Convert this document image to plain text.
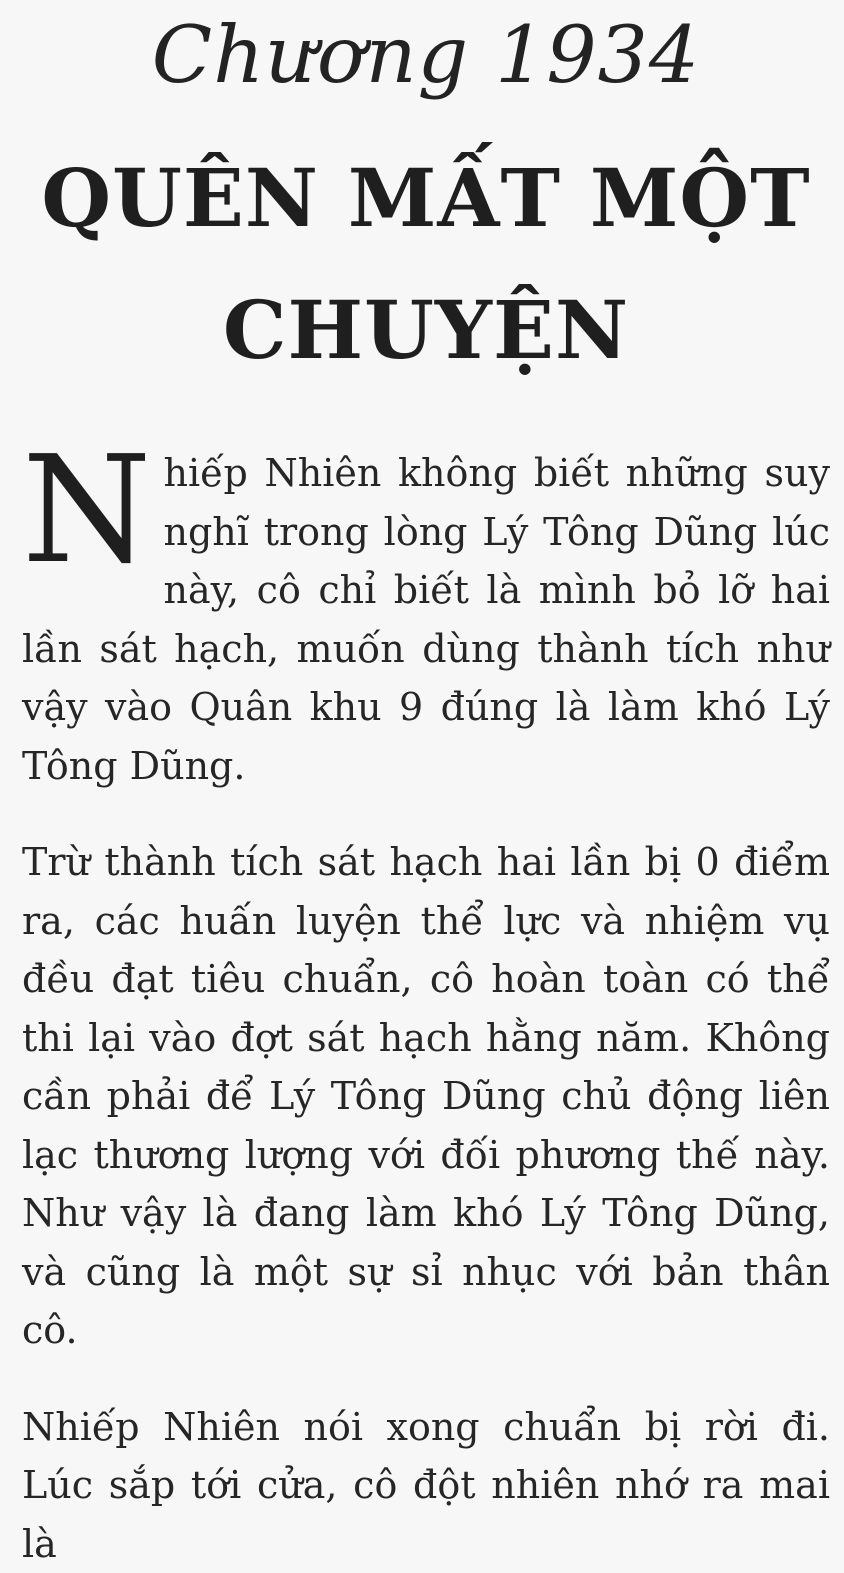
Chương 1934
QUÊN MẤT MỘT
CHUYỆN

Nhiếp Nhiên không biết những suy nghĩ trong lòng Lý Tông Dũng lúc này, cô chỉ biết là mình bỏ lỡ hai lần sát hạch, muốn dùng thành tích như vậy vào Quân khu 9 đúng là làm khó Lý Tông Dũng.

Trừ thành tích sát hạch hai lần bị 0 điểm ra, các huấn luyện thể lực và nhiệm vụ đều đạt tiêu chuẩn, cô hoàn toàn có thể thi lại vào đợt sát hạch hằng năm. Không cần phải để Lý Tông Dũng chủ động liên lạc thương lượng với đối phương thế này. Như vậy là đang làm khó Lý Tông Dũng, và cũng là một sự sỉ nhục với bản thân cô.

Nhiếp Nhiên nói xong chuẩn bị rời đi. Lúc sắp tới cửa, cô đột nhiên nhớ ra mai là
